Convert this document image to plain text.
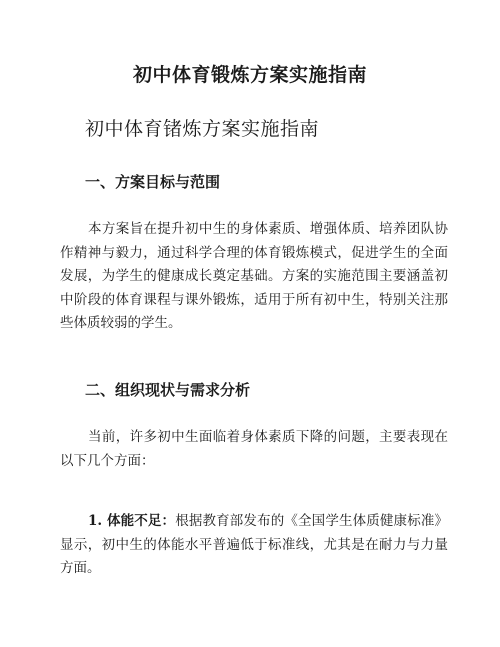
初中体育锻炼方案实施指南
初中体育锗炼方案实施指南
一、方案目标与范围

本方案旨在提升初中生的身体素质、增强体质、培养团队协作精神与毅力，通过科学合理的体育锻炼模式，促进学生的全面发展，为学生的健康成长奠定基础。方案的实施范围主要涵盖初中阶段的体育课程与课外锻炼，适用于所有初中生，特别关注那些体质较弱的学生。

二、组织现状与需求分析

当前，许多初中生面临着身体素质下降的问题，主要表现在以下几个方面：

1. 体能不足：根据教育部发布的《全国学生体质健康标准》显示，初中生的体能水平普遍低于标准线，尤其是在耐力与力量方面。
